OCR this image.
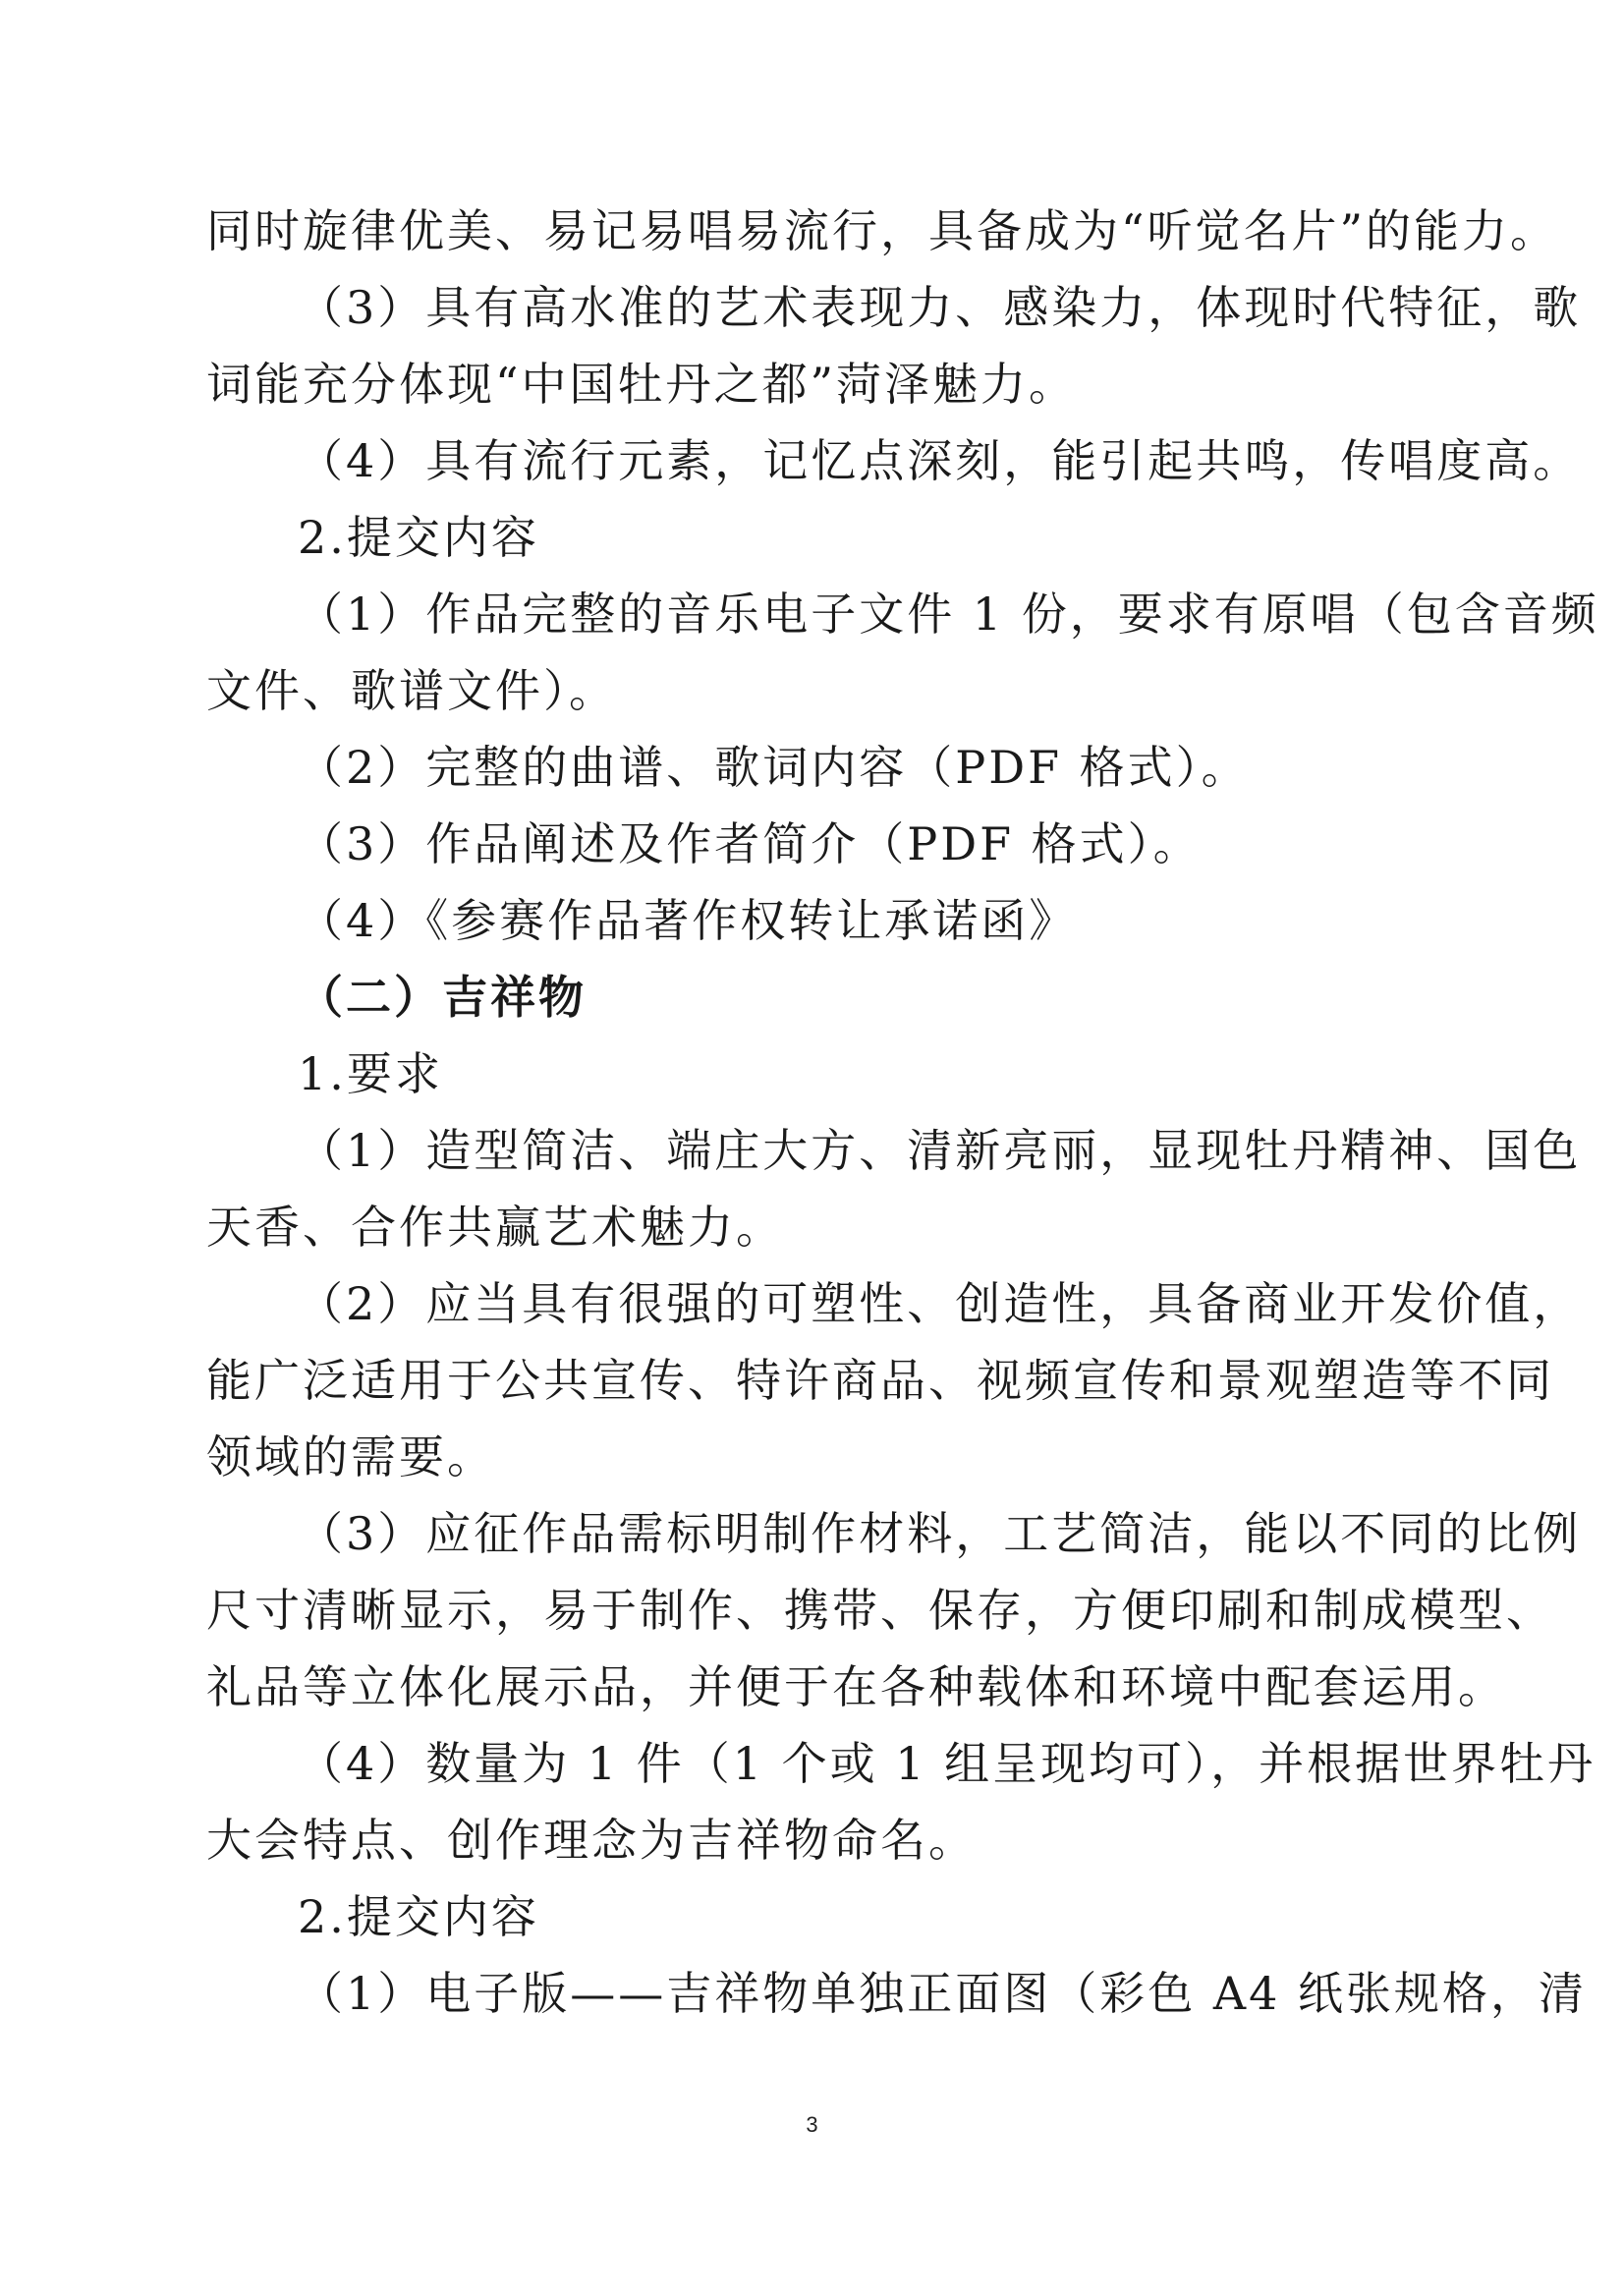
同时旋律优美、易记易唱易流行，具备成为“听觉名片”的能力。
（3）具有高水准的艺术表现力、感染力，体现时代特征，歌
词能充分体现“中国牡丹之都”菏泽魅力。
（4）具有流行元素，记忆点深刻，能引起共鸣，传唱度高。
2.提交内容
（1）作品完整的音乐电子文件 1 份，要求有原唱（包含音频
文件、歌谱文件）。
（2）完整的曲谱、歌词内容（PDF 格式）。
（3）作品阐述及作者简介（PDF 格式）。
（4）《参赛作品著作权转让承诺函》
（二）吉祥物
1.要求
（1）造型简洁、端庄大方、清新亮丽，显现牡丹精神、国色
天香、合作共赢艺术魅力。
（2）应当具有很强的可塑性、创造性，具备商业开发价值，
能广泛适用于公共宣传、特许商品、视频宣传和景观塑造等不同
领域的需要。
（3）应征作品需标明制作材料，工艺简洁，能以不同的比例
尺寸清晰显示，易于制作、携带、保存，方便印刷和制成模型、
礼品等立体化展示品，并便于在各种载体和环境中配套运用。
（4）数量为 1 件（1 个或 1 组呈现均可），并根据世界牡丹
大会特点、创作理念为吉祥物命名。
2.提交内容
（1）电子版——吉祥物单独正面图（彩色 A4 纸张规格，清
3
